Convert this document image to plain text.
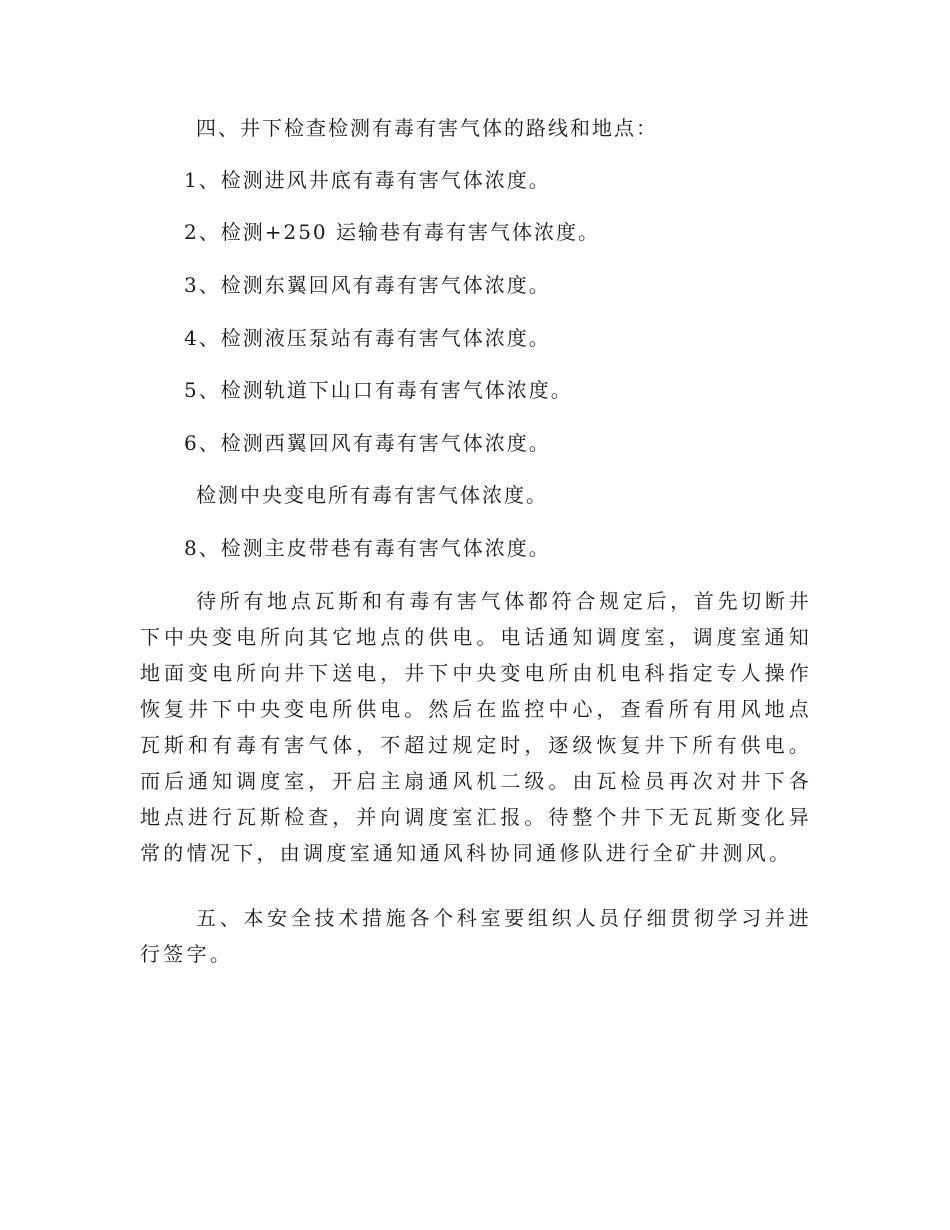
四、井下检查检测有毒有害气体的路线和地点：
1、检测进风井底有毒有害气体浓度。
2、检测+250 运输巷有毒有害气体浓度。
3、检测东翼回风有毒有害气体浓度。
4、检测液压泵站有毒有害气体浓度。
5、检测轨道下山口有毒有害气体浓度。
6、检测西翼回风有毒有害气体浓度。
检测中央变电所有毒有害气体浓度。
8、检测主皮带巷有毒有害气体浓度。

待所有地点瓦斯和有毒有害气体都符合规定后，首先切断井下中央变电所向其它地点的供电。电话通知调度室，调度室通知地面变电所向井下送电，井下中央变电所由机电科指定专人操作恢复井下中央变电所供电。然后在监控中心，查看所有用风地点瓦斯和有毒有害气体，不超过规定时，逐级恢复井下所有供电。而后通知调度室，开启主扇通风机二级。由瓦检员再次对井下各地点进行瓦斯检查，并向调度室汇报。待整个井下无瓦斯变化异常的情况下，由调度室通知通风科协同通修队进行全矿井测风。

五、本安全技术措施各个科室要组织人员仔细贯彻学习并进行签字。
